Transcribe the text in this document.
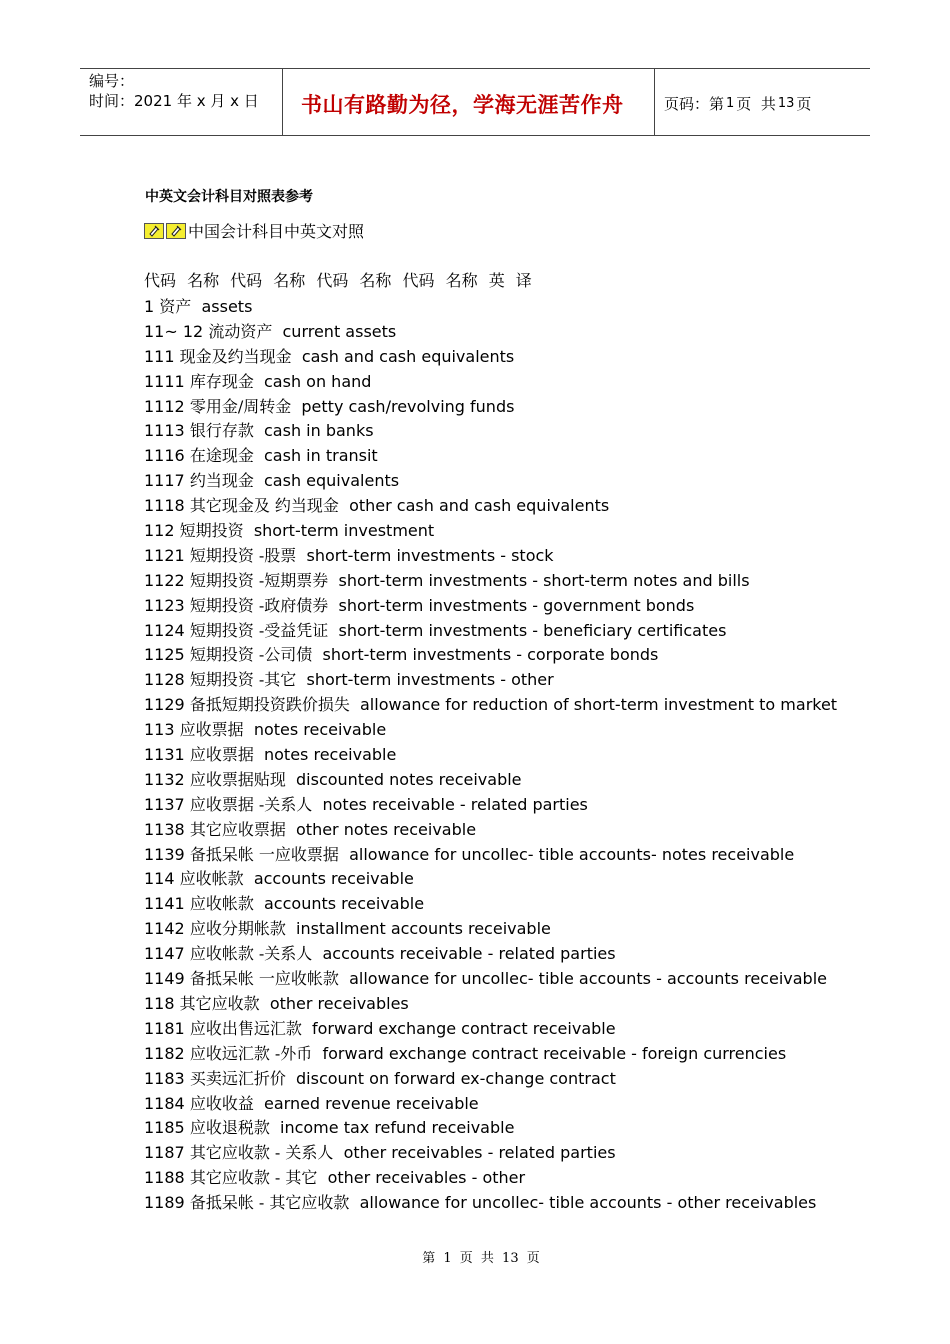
编号：
时间：2021 年 x 月 x 日	书山有路勤为径，学海无涯苦作舟	页码：第 1 页  共 13 页
中英文会计科目对照表参考
中国会计科目中英文对照
代码 名称 代码 名称 代码 名称 代码 名称 英 译
1 资产 assets
11~ 12 流动资产 current assets
111 现金及约当现金 cash and cash equivalents
1111 库存现金 cash on hand
1112 零用金/周转金 petty cash/revolving funds
1113 银行存款 cash in banks
1116 在途现金 cash in transit
1117 约当现金 cash equivalents
1118 其它现金及 约当现金 other cash and cash equivalents
112 短期投资 short-term investment
1121 短期投资 -股票 short-term investments - stock
1122 短期投资 -短期票券 short-term investments - short-term notes and bills
1123 短期投资 -政府债券 short-term investments - government bonds
1124 短期投资 -受益凭证 short-term investments - beneficiary certificates
1125 短期投资 -公司债 short-term investments - corporate bonds
1128 短期投资 -其它 short-term investments - other
1129 备抵短期投资跌价损失 allowance for reduction of short-term investment to market
113 应收票据 notes receivable
1131 应收票据 notes receivable
1132 应收票据贴现 discounted notes receivable
1137 应收票据 -关系人 notes receivable - related parties
1138 其它应收票据 other notes receivable
1139 备抵呆帐 一应收票据 allowance for uncollec- tible accounts- notes receivable
114 应收帐款 accounts receivable
1141 应收帐款 accounts receivable
1142 应收分期帐款 installment accounts receivable
1147 应收帐款 -关系人 accounts receivable - related parties
1149 备抵呆帐 一应收帐款 allowance for uncollec- tible accounts - accounts receivable
118 其它应收款 other receivables
1181 应收出售远汇款 forward exchange contract receivable
1182 应收远汇款 -外币 forward exchange contract receivable - foreign currencies
1183 买卖远汇折价 discount on forward ex-change contract
1184 应收收益 earned revenue receivable
1185 应收退税款 income tax refund receivable
1187 其它应收款 - 关系人 other receivables - related parties
1188 其它应收款 - 其它 other receivables - other
1189 备抵呆帐 - 其它应收款 allowance for uncollec- tible accounts - other receivables
第 1 页 共 13 页
